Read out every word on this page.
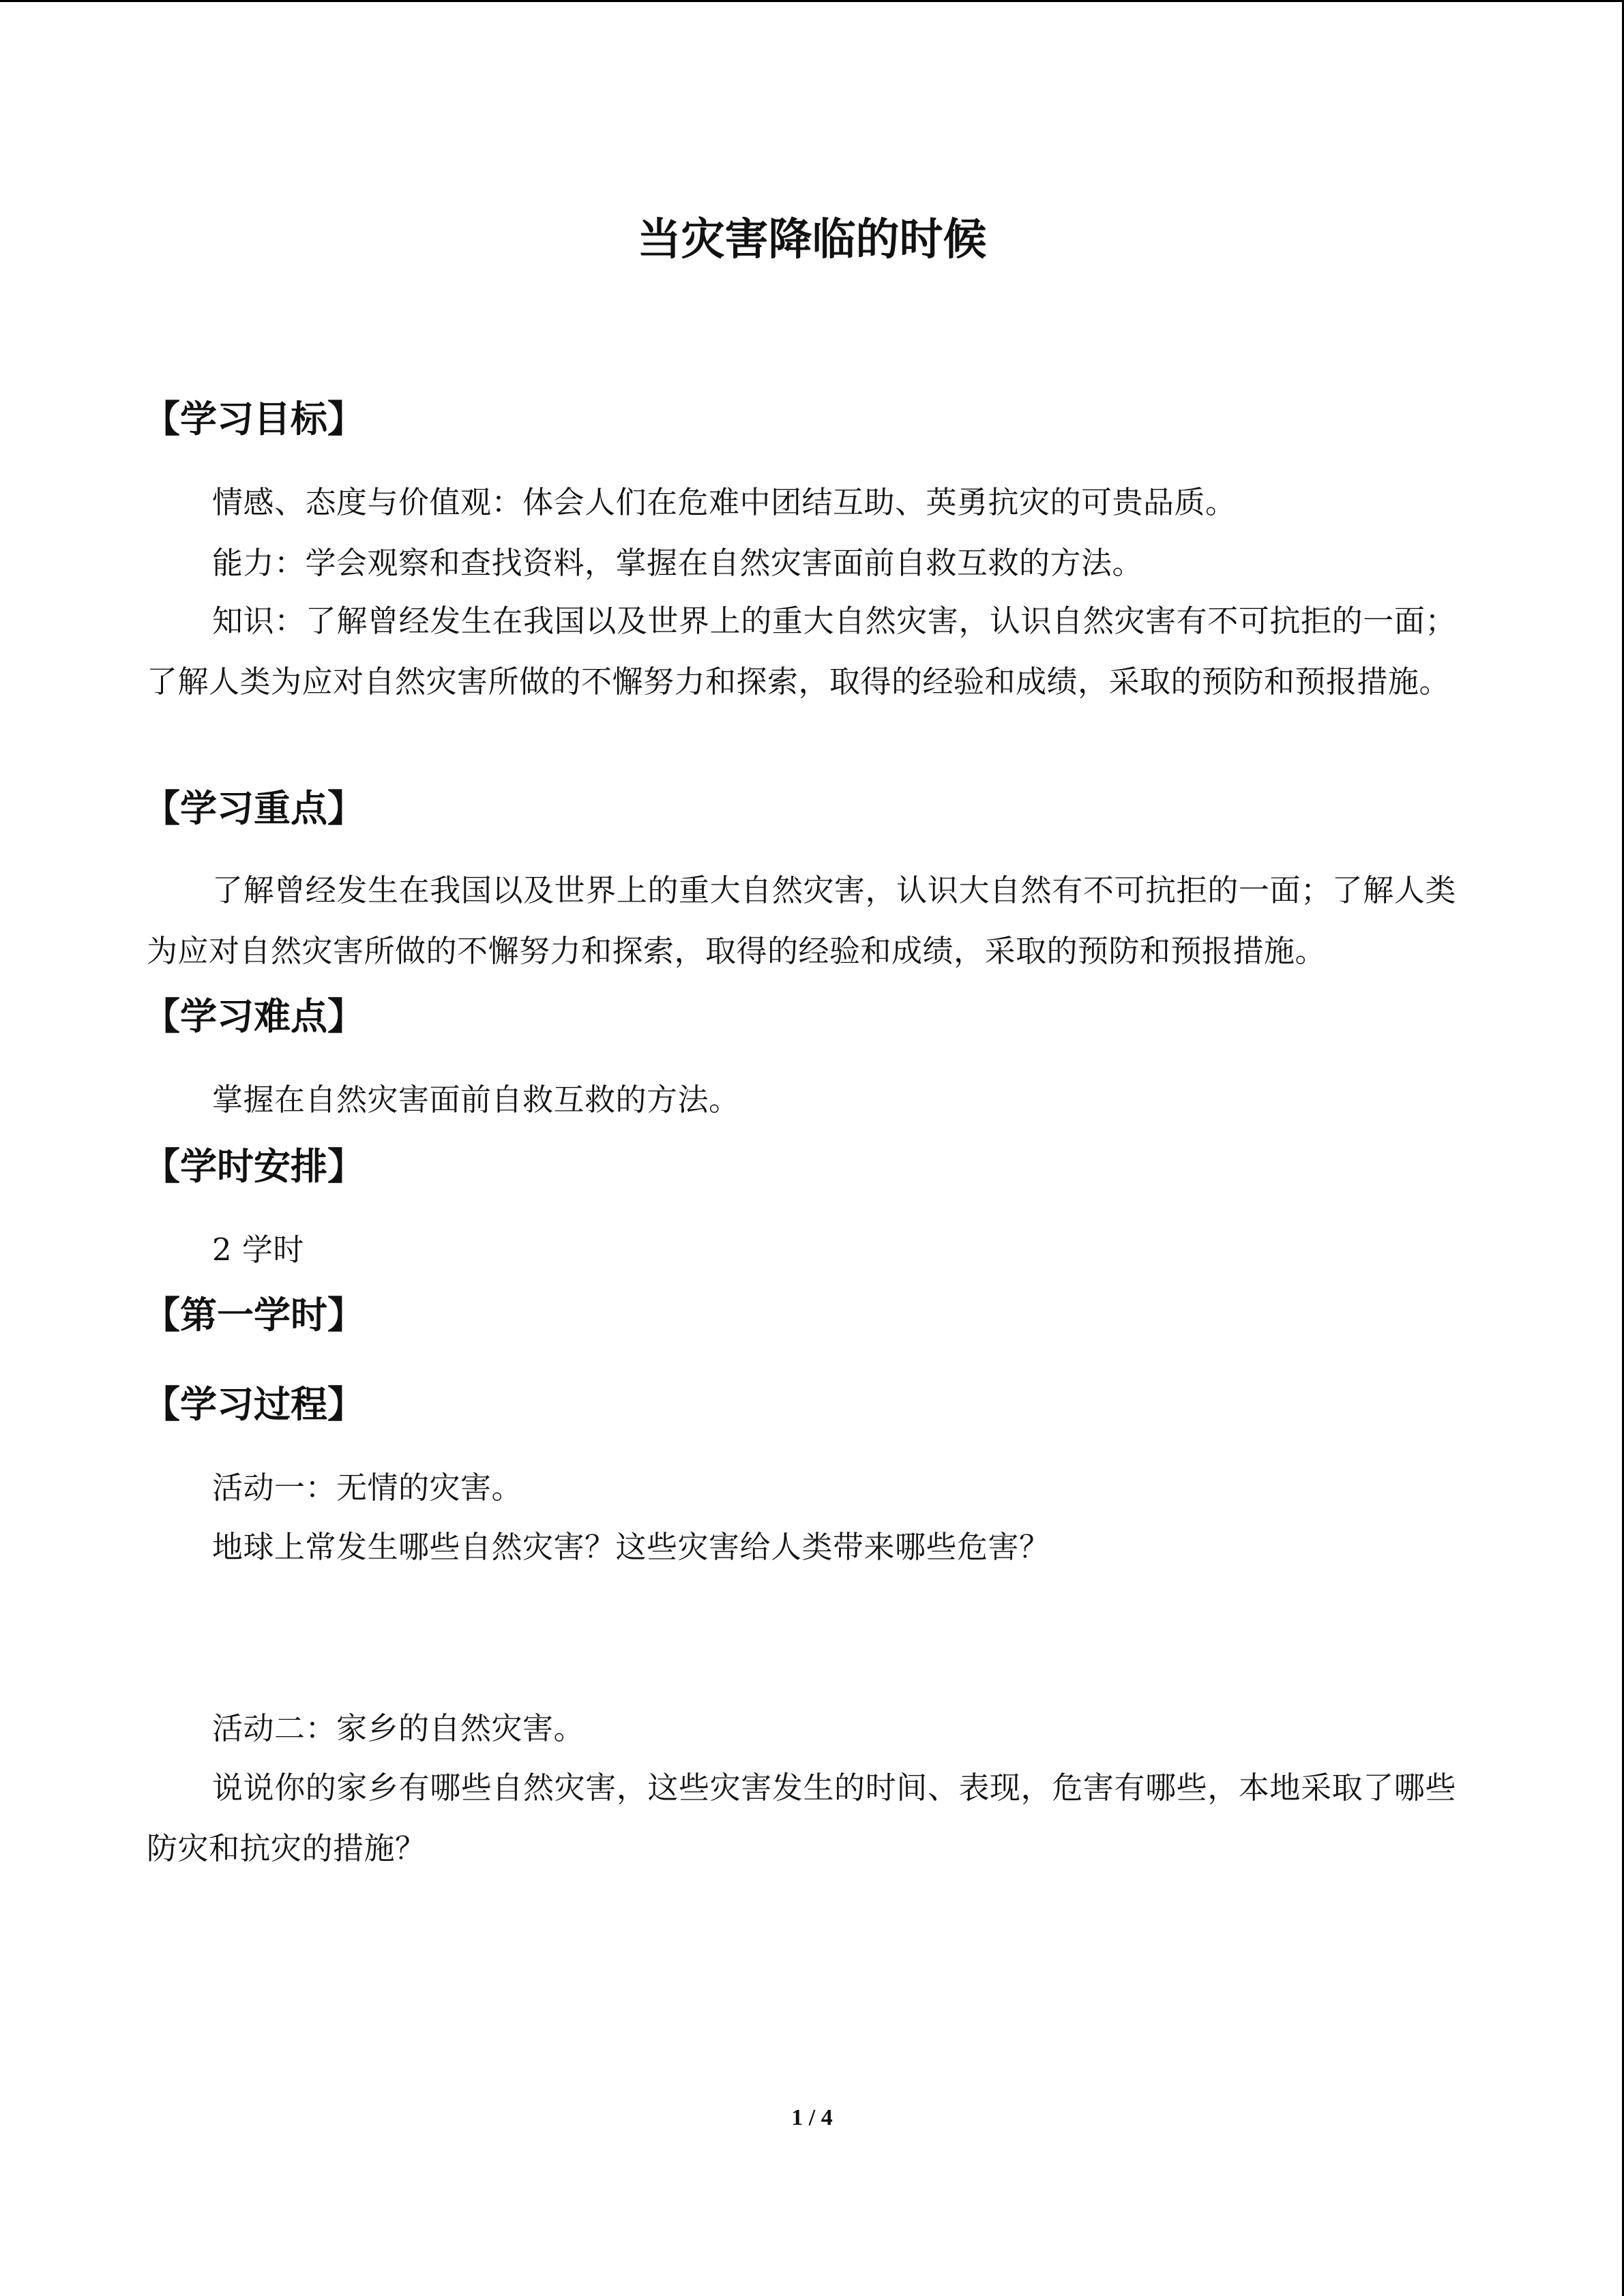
当灾害降临的时候
【学习目标】
情感、态度与价值观：体会人们在危难中团结互助、英勇抗灾的可贵品质。
能力：学会观察和查找资料，掌握在自然灾害面前自救互救的方法。
知识：了解曾经发生在我国以及世界上的重大自然灾害，认识自然灾害有不可抗拒的一面；了解人类为应对自然灾害所做的不懈努力和探索，取得的经验和成绩，采取的预防和预报措施。
【学习重点】
了解曾经发生在我国以及世界上的重大自然灾害，认识大自然有不可抗拒的一面；了解人类为应对自然灾害所做的不懈努力和探索，取得的经验和成绩，采取的预防和预报措施。
【学习难点】
掌握在自然灾害面前自救互救的方法。
【学时安排】
2 学时
【第一学时】
【学习过程】
活动一：无情的灾害。
地球上常发生哪些自然灾害？这些灾害给人类带来哪些危害？
活动二：家乡的自然灾害。
说说你的家乡有哪些自然灾害，这些灾害发生的时间、表现，危害有哪些，本地采取了哪些防灾和抗灾的措施？
1 / 4
